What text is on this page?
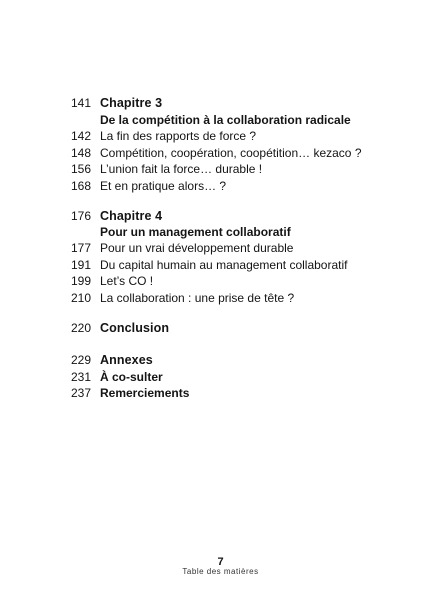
141 Chapitre 3
De la compétition à la collaboration radicale
142 La fin des rapports de force ?
148 Compétition, coopération, coopétition… kezaco ?
156 L’union fait la force… durable !
168 Et en pratique alors… ?
176 Chapitre 4
Pour un management collaboratif
177 Pour un vrai développement durable
191 Du capital humain au management collaboratif
199 Let’s CO !
210 La collaboration : une prise de tête ?
220 Conclusion
229 Annexes
231 À co-sulter
237 Remerciements
7
Table des matières
